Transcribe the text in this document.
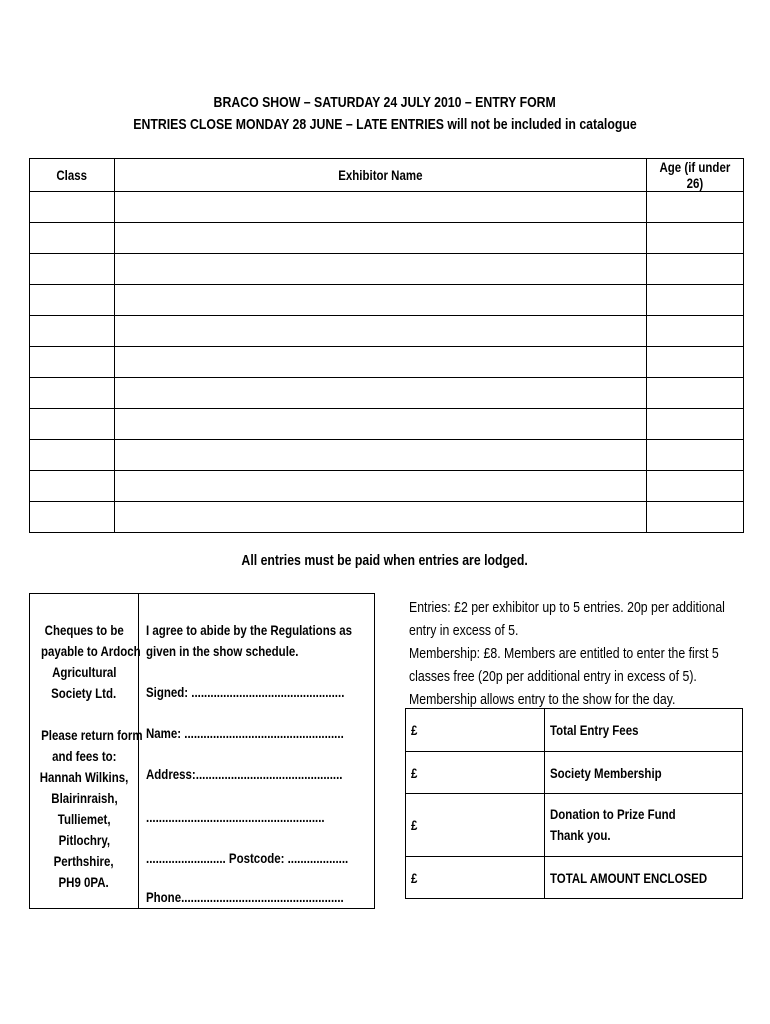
BRACO SHOW – SATURDAY 24 JULY 2010 – ENTRY FORM
ENTRIES CLOSE MONDAY 28 JUNE – LATE ENTRIES will not be included in catalogue
Class	Exhibitor Name	Age (if under 26)

All entries must be paid when entries are lodged.
Cheques to be
payable to Ardoch
Agricultural
Society Ltd.
Please return form
and fees to:
Hannah Wilkins,
Blairinraish,
Tulliemet,
Pitlochry,
Perthshire,
PH9 0PA.
I agree to abide by the Regulations as
given in the show schedule.
Signed: ................................................
Name: ..................................................
Address:..............................................
........................................................
......................... Postcode: ...................
Phone...................................................
Entries: £2 per exhibitor up to 5 entries. 20p per additional
entry in excess of 5.
Membership: £8. Members are entitled to enter the first 5
classes free (20p per additional entry in excess of 5).
Membership allows entry to the show for the day.
£	Total Entry Fees
£	Society Membership
£	Donation to Prize Fund
Thank you.

£	TOTAL AMOUNT ENCLOSED
